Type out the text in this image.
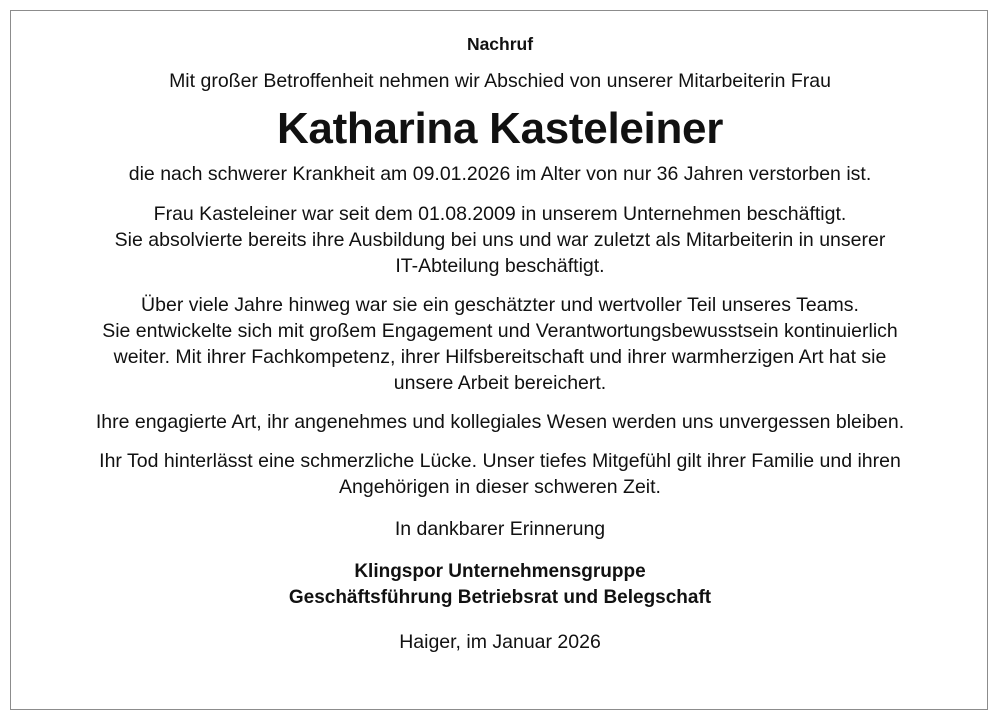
Nachruf

Mit großer Betroffenheit nehmen wir Abschied von unserer Mitarbeiterin Frau

Katharina Kasteleiner

die nach schwerer Krankheit am 09.01.2026 im Alter von nur 36 Jahren verstorben ist.

Frau Kasteleiner war seit dem 01.08.2009 in unserem Unternehmen beschäftigt.

Sie absolvierte bereits ihre Ausbildung bei uns und war zuletzt als Mitarbeiterin in unserer

IT-Abteilung beschäftigt.

Über viele Jahre hinweg war sie ein geschätzter und wertvoller Teil unseres Teams.

Sie entwickelte sich mit großem Engagement und Verantwortungsbewusstsein kontinuierlich

weiter. Mit ihrer Fachkompetenz, ihrer Hilfsbereitschaft und ihrer warmherzigen Art hat sie

unsere Arbeit bereichert.

Ihre engagierte Art, ihr angenehmes und kollegiales Wesen werden uns unvergessen bleiben.

Ihr Tod hinterlässt eine schmerzliche Lücke. Unser tiefes Mitgefühl gilt ihrer Familie und ihren

Angehörigen in dieser schweren Zeit.

In dankbarer Erinnerung

Klingspor Unternehmensgruppe

Geschäftsführung Betriebsrat und Belegschaft

Haiger, im Januar 2026
